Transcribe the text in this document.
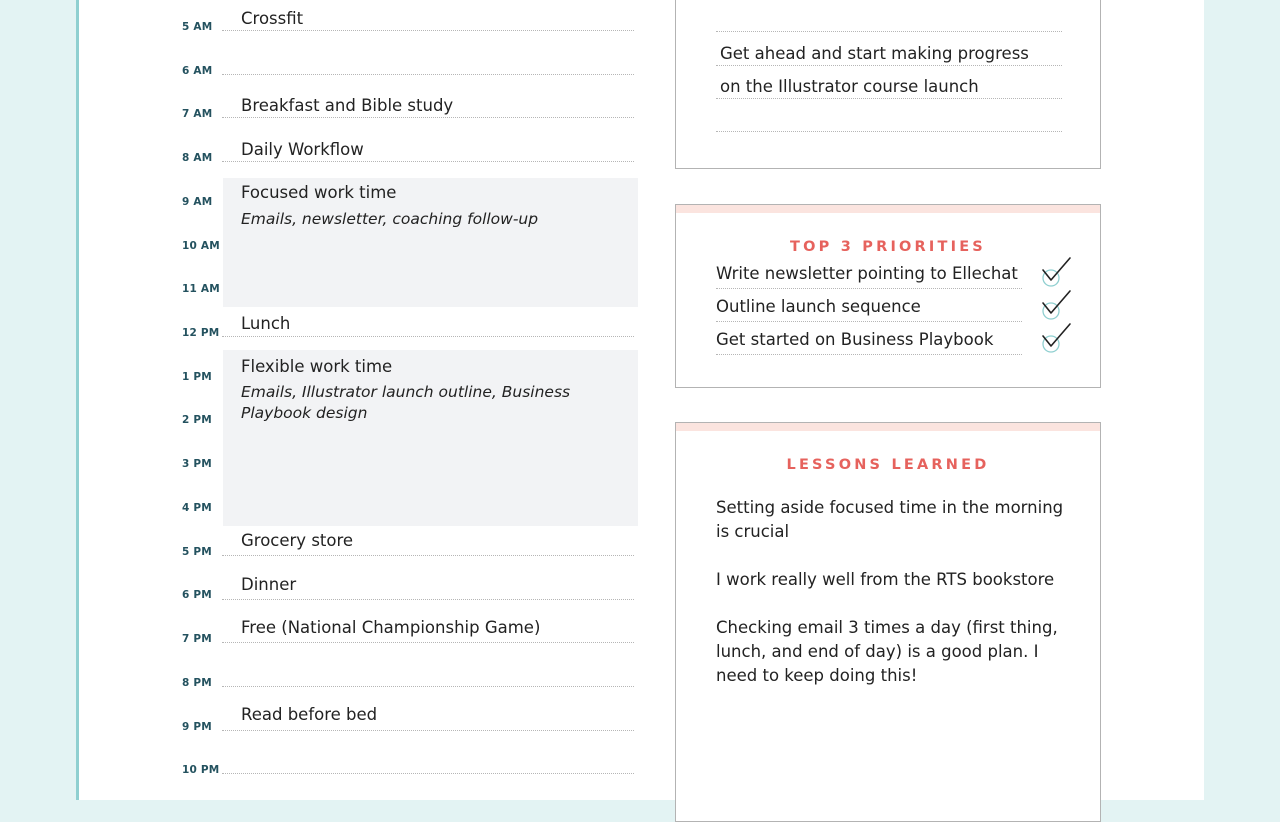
5 AM
6 AM
7 AM
8 AM
9 AM
10 AM
11 AM
12 PM
1 PM
2 PM
3 PM
4 PM
5 PM
6 PM
7 PM
8 PM
9 PM
10 PM
Crossfit
Breakfast and Bible study
Daily Workflow
Focused work time
Emails, newsletter, coaching follow-up
Lunch
Flexible work time
Emails, Illustrator launch outline, Business Playbook design
Grocery store
Dinner
Free (National Championship Game)
Read before bed
Get ahead and start making progress
on the Illustrator course launch
TOP 3 PRIORITIES
Write newsletter pointing to Ellechat
Outline launch sequence
Get started on Business Playbook
LESSONS LEARNED
Setting aside focused time in the morning is crucial
I work really well from the RTS bookstore
Checking email 3 times a day (first thing, lunch, and end of day) is a good plan. I need to keep doing this!
